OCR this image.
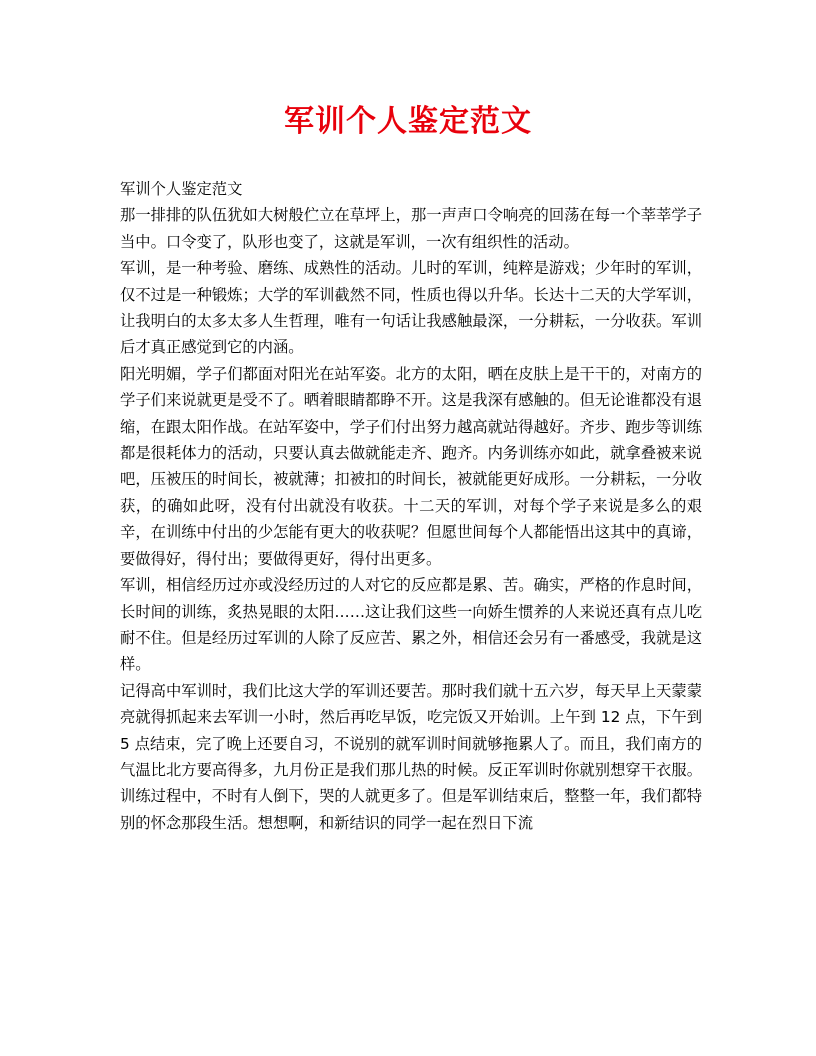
军训个人鉴定范文

军训个人鉴定范文

那一排排的队伍犹如大树般伫立在草坪上，那一声声口令响亮的回荡在每一个莘莘学子当中。口令变了，队形也变了，这就是军训，一次有组织性的活动。

军训，是一种考验、磨练、成熟性的活动。儿时的军训，纯粹是游戏；少年时的军训，仅不过是一种锻炼；大学的军训截然不同，性质也得以升华。长达十二天的大学军训，让我明白的太多太多人生哲理，唯有一句话让我感触最深，一分耕耘，一分收获。军训后才真正感觉到它的内涵。

阳光明媚，学子们都面对阳光在站军姿。北方的太阳，晒在皮肤上是干干的，对南方的学子们来说就更是受不了。晒着眼睛都睁不开。这是我深有感触的。但无论谁都没有退缩，在跟太阳作战。在站军姿中，学子们付出努力越高就站得越好。齐步、跑步等训练都是很耗体力的活动，只要认真去做就能走齐、跑齐。内务训练亦如此，就拿叠被来说吧，压被压的时间长，被就薄；扣被扣的时间长，被就能更好成形。一分耕耘，一分收获，的确如此呀，没有付出就没有收获。十二天的军训，对每个学子来说是多么的艰辛，在训练中付出的少怎能有更大的收获呢？但愿世间每个人都能悟出这其中的真谛，要做得好，得付出；要做得更好，得付出更多。

军训，相信经历过亦或没经历过的人对它的反应都是累、苦。确实，严格的作息时间，长时间的训练，炙热晃眼的太阳……这让我们这些一向娇生惯养的人来说还真有点儿吃耐不住。但是经历过军训的人除了反应苦、累之外，相信还会另有一番感受，我就是这样。

记得高中军训时，我们比这大学的军训还要苦。那时我们就十五六岁，每天早上天蒙蒙亮就得抓起来去军训一小时，然后再吃早饭，吃完饭又开始训。上午到 12 点，下午到 5 点结束，完了晚上还要自习，不说别的就军训时间就够拖累人了。而且，我们南方的气温比北方要高得多，九月份正是我们那儿热的时候。反正军训时你就别想穿干衣服。训练过程中，不时有人倒下，哭的人就更多了。但是军训结束后，整整一年，我们都特别的怀念那段生活。想想啊，和新结识的同学一起在烈日下流
